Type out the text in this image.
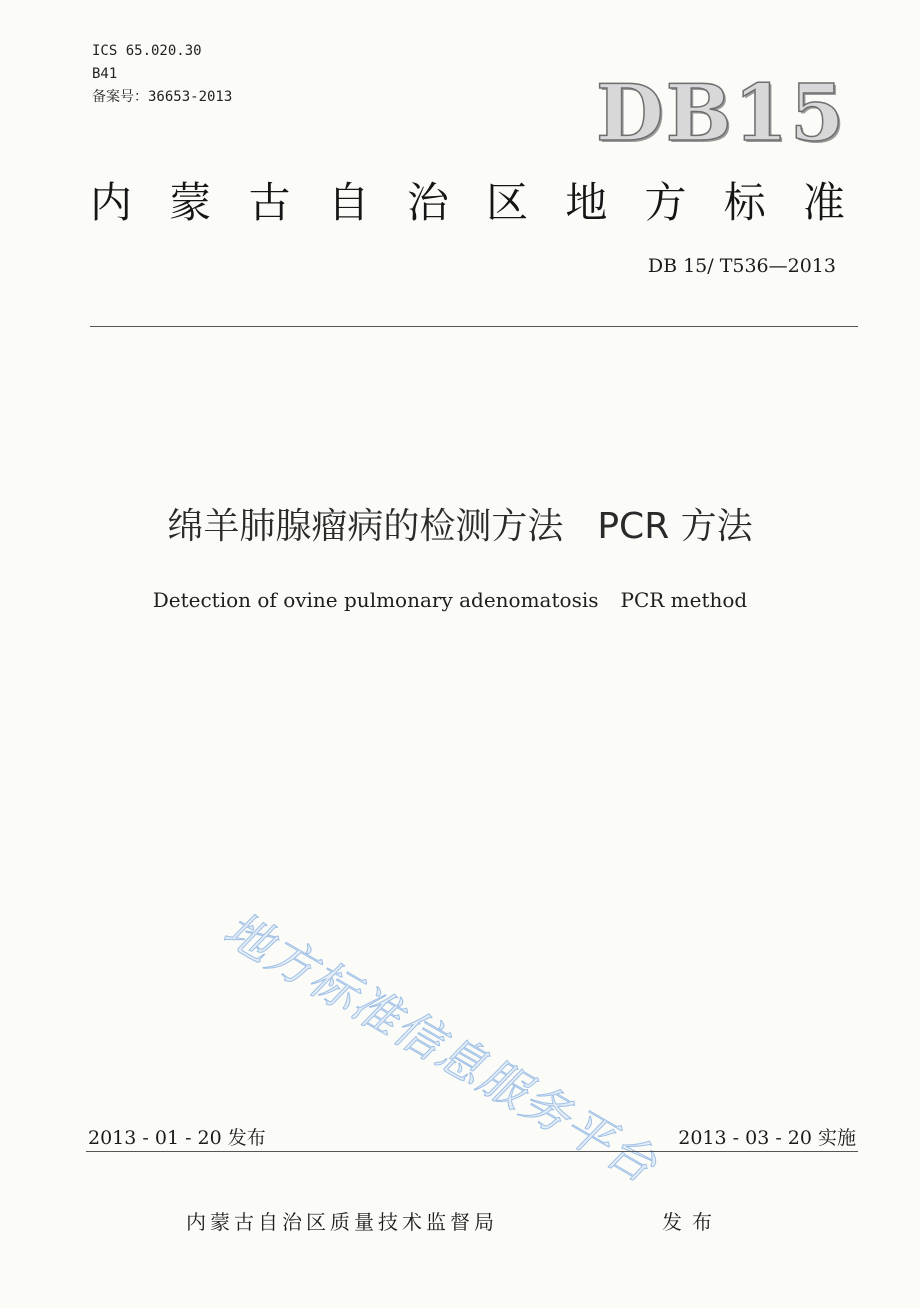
ICS 65.020.30
B41
备案号：36653-2013	DB15
内 蒙 古 自 治 区 地 方 标 准
DB 15/ T536—2013
绵羊肺腺瘤病的检测方法 PCR 方法
Detection of ovine pulmonary adenomatosis PCR method
地方标准信息服务平台
2013 - 01 - 20 发布	2013 - 03 - 20 实施
内蒙古自治区质量技术监督局	发布
